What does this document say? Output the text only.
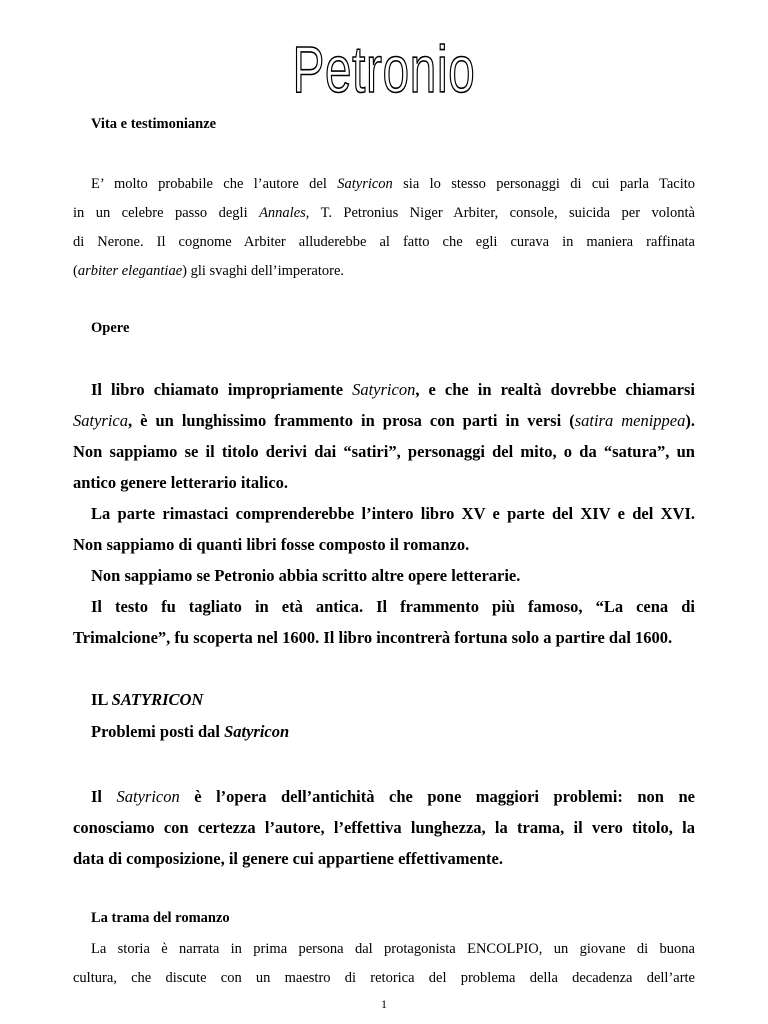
Petronio
Vita e testimonianze
E’ molto probabile che l’autore del Satyricon sia lo stesso personaggi di cui parla Tacito
in un celebre passo degli Annales, T. Petronius Niger Arbiter, console, suicida per volontà
di Nerone. Il cognome Arbiter alluderebbe al fatto che egli curava in maniera raffinata
(arbiter elegantiae) gli svaghi dell’imperatore.
Opere
Il libro chiamato impropriamente Satyricon, e che in realtà dovrebbe chiamarsi
Satyrica, è un lunghissimo frammento in prosa con parti in versi (satira menippea).
Non sappiamo se il titolo derivi dai “satiri”, personaggi del mito, o da “satura”, un
antico genere letterario italico.
La parte rimastaci comprenderebbe l’intero libro XV e parte del XIV e del XVI.
Non sappiamo di quanti libri fosse composto il romanzo.
Non sappiamo se Petronio abbia scritto altre opere letterarie.
Il testo fu tagliato in età antica. Il frammento più famoso, “La cena di
Trimalcione”, fu scoperta nel 1600. Il libro incontrerà fortuna solo a partire dal 1600.
IL SATYRICON
Problemi posti dal Satyricon
Il Satyricon è l’opera dell’antichità che pone maggiori problemi: non ne
conosciamo con certezza l’autore, l’effettiva lunghezza, la trama, il vero titolo, la
data di composizione, il genere cui appartiene effettivamente.
La trama del romanzo
La storia è narrata in prima persona dal protagonista ENCOLPIO, un giovane di buona
cultura, che discute con un maestro di retorica del problema della decadenza dell’arte
1
